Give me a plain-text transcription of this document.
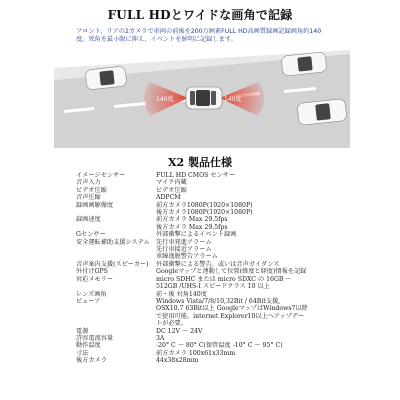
FULL HDとワイドな画角で記録
フロント、リアの2カメラで車両の前後を200万画素FULL HD高画質録画記録画角約140度。死角を最小限に抑え、イベントを鮮明に記録します。
140度	140度
X2 製品仕様
イメージセンサー	FULL HD CMOS センサー
音声入力	マイク内蔵
ビデオ圧縮	ビデオ圧縮
音声圧縮	ADPCM
録画画解像度	前方カメラ1080P(1920×1080P)
後方カメラ1080P(1920×1080P)
録画速度	前方カメラ Max 29.5fps
後方カメラ Max 29.5fps
Gセンサー	外部衝撃によるイベント録画
安全運転補助支援システム	先行車発進アラーム
先行車接近アラーム
車線逸脱警告アラーム
音声案内支援(スピーカー)	外部衝撃による警告、或いは音声ガイダンス
外付けGPS	Googleマップと連動して位置(緯度と経度)情報を記録
対応メモリー	micro SDHC または micro SDXC の 16GB ～
512GB /UHS-I スピードクラス 10 以上
レンズ画角	前・後 対角140度
ビューア	Windows Vista/7/8/10,32Bit / 64Bit支援,
OSX10.7 63Bit以上 GoogleマップはWindows7以降
で使用可能。internet Explorer10以上へアップデー
トが必要。
電源	DC 12V ～ 24V
許容電流容量	3A
動作温度	-20° C ～ 80° C(保管温度 -10° C ～ 95° C)
寸法	前方カメラ 100x61x33mm
後方カメラ	44x38x28mm
